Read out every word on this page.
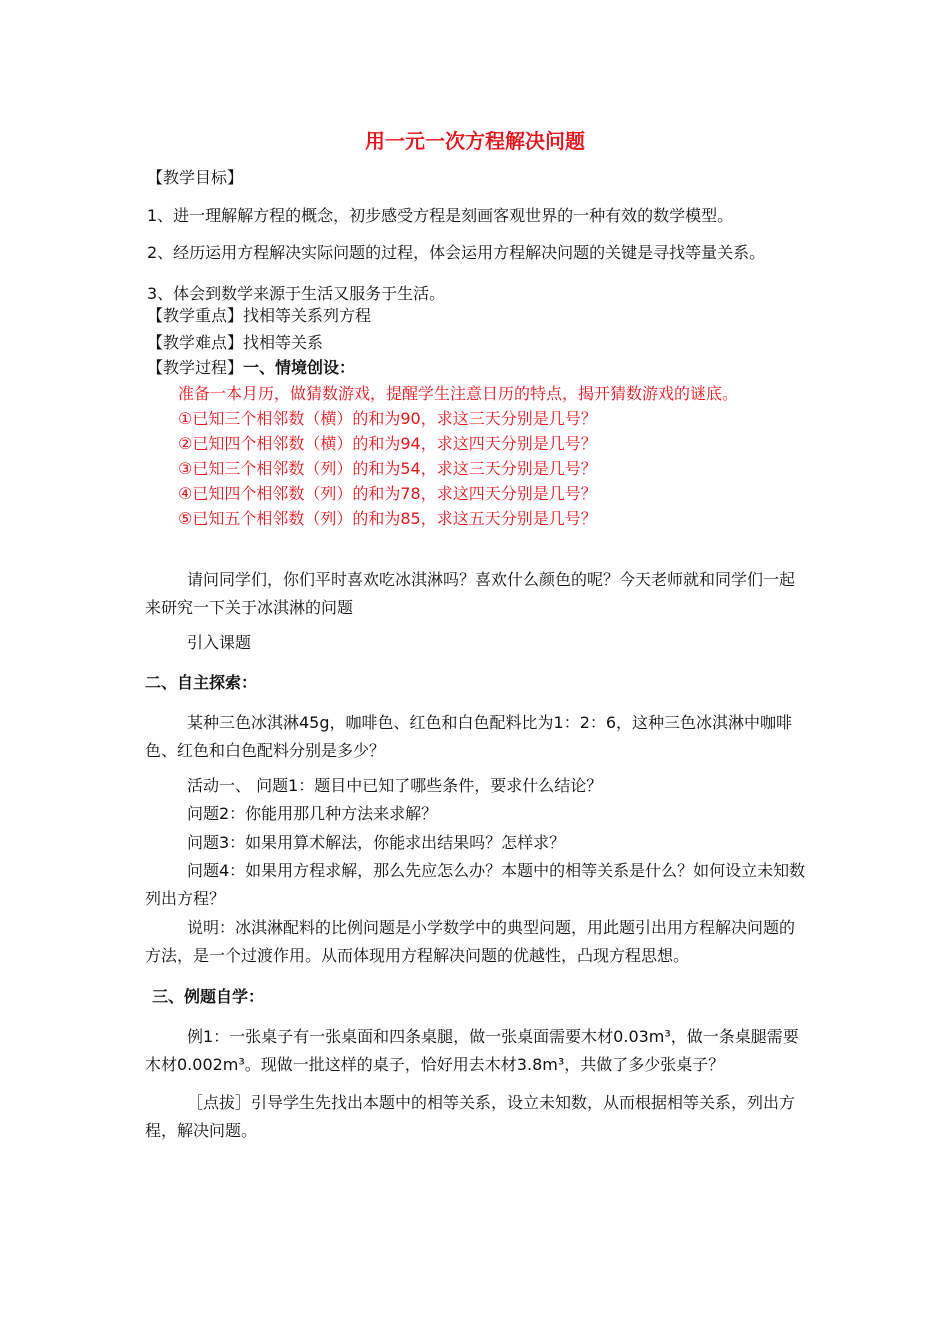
用一元一次方程解决问题
【教学目标】
1、进一理解解方程的概念，初步感受方程是刻画客观世界的一种有效的数学模型。
2、经历运用方程解决实际问题的过程，体会运用方程解决问题的关键是寻找等量关系。
3、体会到数学来源于生活又服务于生活。
【教学重点】找相等关系列方程
【教学难点】找相等关系
【教学过程】一、情境创设：
准备一本月历，做猜数游戏，提醒学生注意日历的特点，揭开猜数游戏的谜底。
①已知三个相邻数（横）的和为90，求这三天分别是几号？
②已知四个相邻数（横）的和为94，求这四天分别是几号？
③已知三个相邻数（列）的和为54，求这三天分别是几号？
④已知四个相邻数（列）的和为78，求这四天分别是几号？
⑤已知五个相邻数（列）的和为85，求这五天分别是几号？
请问同学们，你们平时喜欢吃冰淇淋吗？喜欢什么颜色的呢？今天老师就和同学们一起来研究一下关于冰淇淋的问题
引入课题
二、自主探索：
某种三色冰淇淋45g，咖啡色、红色和白色配料比为1：2：6，这种三色冰淇淋中咖啡色、红色和白色配料分别是多少？
活动一、 问题1：题目中已知了哪些条件，要求什么结论？
问题2：你能用那几种方法来求解？
问题3：如果用算术解法，你能求出结果吗？怎样求？
问题4：如果用方程求解，那么先应怎么办？本题中的相等关系是什么？如何设立未知数列出方程？
说明：冰淇淋配料的比例问题是小学数学中的典型问题，用此题引出用方程解决问题的方法，是一个过渡作用。从而体现用方程解决问题的优越性，凸现方程思想。
三、例题自学：
例1：一张桌子有一张桌面和四条桌腿，做一张桌面需要木材0.03m³，做一条桌腿需要木材0.002m³。现做一批这样的桌子，恰好用去木材3.8m³，共做了多少张桌子？
［点拔］引导学生先找出本题中的相等关系，设立未知数，从而根据相等关系，列出方程，解决问题。
